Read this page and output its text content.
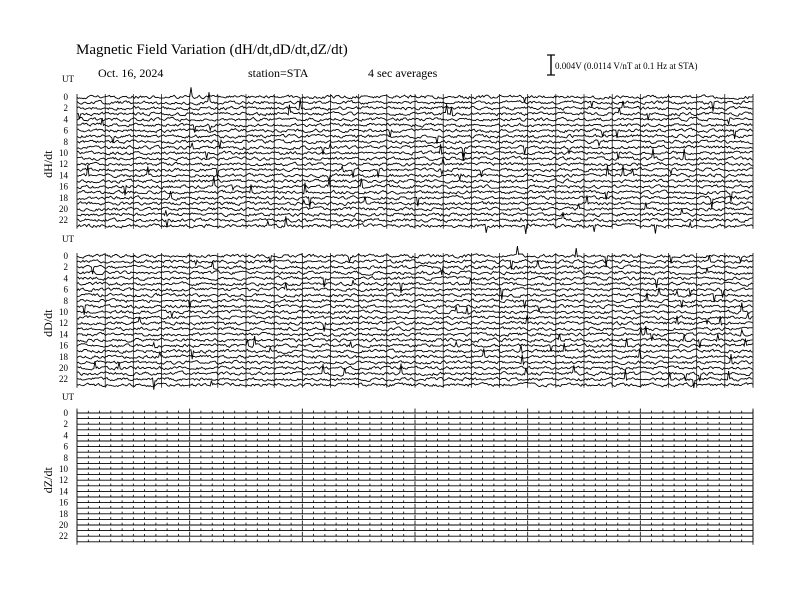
Magnetic Field Variation (dH/dt,dD/dt,dZ/dt)
Oct. 16, 2024	station=STA	4 sec averages	0.004V (0.0114 V/nT at 0.1 Hz at STA)
UT
dH/dt
0
2
4
6
8
10
12
14
16
18
20
22
UT
dD/dt
0
2
4
6
8
10
12
14
16
18
20
22
UT
dZ/dt
0
2
4
6
8
10
12
14
16
18
20
22
